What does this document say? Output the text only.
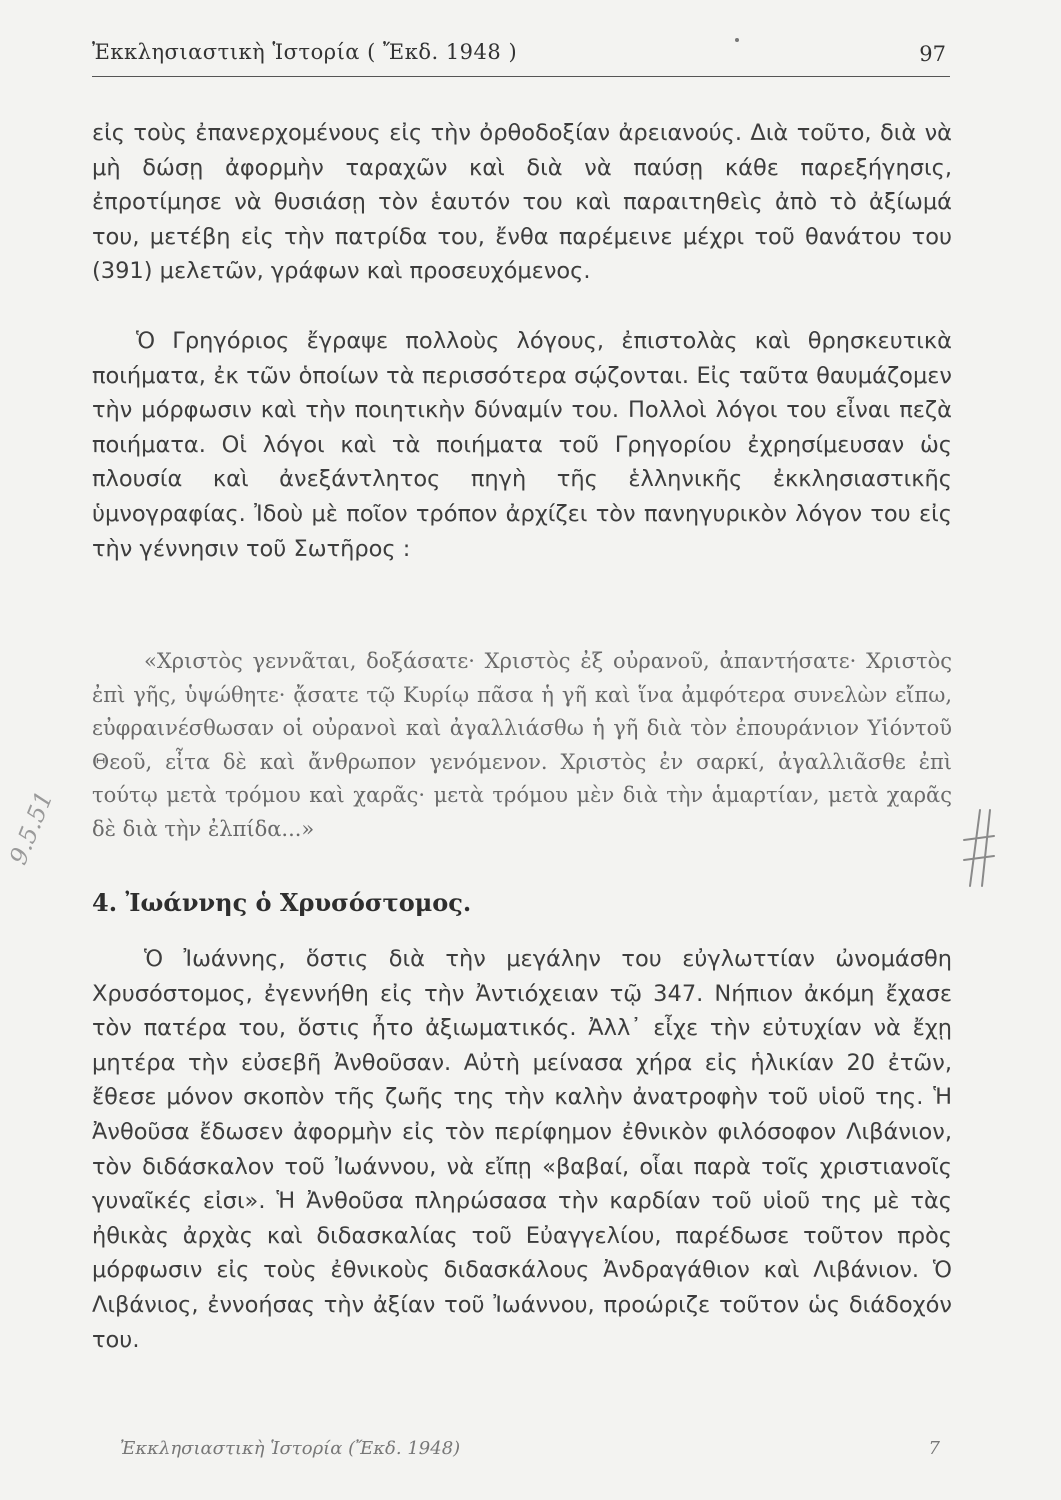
Ἐκκλησιαστικὴ Ἱστορία ( Ἔκδ. 1948 )	97

εἰς τοὺς ἐπανερχομένους εἰς τὴν ὀρθοδοξίαν ἀρειανούς. Διὰ τοῦτο, διὰ νὰ μὴ δώσῃ ἀφορμὴν ταραχῶν καὶ διὰ νὰ παύσῃ κάθε παρεξήγησις, ἐπροτίμησε νὰ θυσιάσῃ τὸν ἑαυτόν του καὶ παραιτηθεὶς ἀπὸ τὸ ἀξίωμά του, μετέβη εἰς τὴν πατρίδα του, ἔνθα παρέμεινε μέχρι τοῦ θανάτου του (391) μελετῶν, γράφων καὶ προσευχόμενος.

Ὁ Γρηγόριος ἔγραψε πολλοὺς λόγους, ἐπιστολὰς καὶ θρησκευτικὰ ποιήματα, ἐκ τῶν ὁποίων τὰ περισσότερα σῴζονται. Εἰς ταῦτα θαυμάζομεν τὴν μόρφωσιν καὶ τὴν ποιητικὴν δύναμίν του. Πολλοὶ λόγοι του εἶναι πεζὰ ποιήματα. Οἱ λόγοι καὶ τὰ ποιήματα τοῦ Γρηγορίου ἐχρησίμευσαν ὡς πλουσία καὶ ἀνεξάντλητος πηγὴ τῆς ἑλληνικῆς ἐκκλησιαστικῆς ὑμνογραφίας. Ἰδοὺ μὲ ποῖον τρόπον ἀρχίζει τὸν πανηγυρικὸν λόγον του εἰς τὴν γέννησιν τοῦ Σωτῆρος :

«Χριστὸς γεννᾶται, δοξάσατε· Χριστὸς ἐξ οὐρανοῦ, ἀπαντήσατε· Χριστὸς ἐπὶ γῆς, ὑψώθητε· ᾄσατε τῷ Κυρίῳ πᾶσα ἡ γῆ καὶ ἵνα ἀμφότερα συνελὼν εἴπω, εὐφραινέσθωσαν οἱ οὐρανοὶ καὶ ἀγαλλιάσθω ἡ γῆ διὰ τὸν ἐπουράνιον Υἱόντοῦ Θεοῦ, εἶτα δὲ καὶ ἄνθρωπον γενόμενον. Χριστὸς ἐν σαρκί, ἀγαλλιᾶσθε ἐπὶ τούτῳ μετὰ τρόμου καὶ χαρᾶς· μετὰ τρόμου μὲν διὰ τὴν ἁμαρτίαν, μετὰ χαρᾶς δὲ διὰ τὴν ἐλπίδα...»
4. Ἰωάννης ὁ Χρυσόστομος.

Ὁ Ἰωάννης, ὅστις διὰ τὴν μεγάλην του εὐγλωττίαν ὠνομάσθη Χρυσόστομος, ἐγεννήθη εἰς τὴν Ἀντιόχειαν τῷ 347. Νήπιον ἀκόμη ἔχασε τὸν πατέρα του, ὅστις ἦτο ἀξιωματικός. Ἀλλ᾽ εἶχε τὴν εὐτυχίαν νὰ ἔχῃ μητέρα τὴν εὐσεβῆ Ἀνθοῦσαν. Αὐτὴ μείνασα χήρα εἰς ἡλικίαν 20 ἐτῶν, ἔθεσε μόνον σκοπὸν τῆς ζωῆς της τὴν καλὴν ἀνατροφὴν τοῦ υἱοῦ της. Ἡ Ἀνθοῦσα ἔδωσεν ἀφορμὴν εἰς τὸν περίφημον ἐθνικὸν φιλόσοφον Λιβάνιον, τὸν διδάσκαλον τοῦ Ἰωάννου, νὰ εἴπῃ «βαβαί, οἷαι παρὰ τοῖς χριστιανοῖς γυναῖκές εἰσι». Ἡ Ἀνθοῦσα πληρώσασα τὴν καρδίαν τοῦ υἱοῦ της μὲ τὰς ἠθικὰς ἀρχὰς καὶ διδασκαλίας τοῦ Εὐαγγελίου, παρέδωσε τοῦτον πρὸς μόρφωσιν εἰς τοὺς ἐθνικοὺς διδασκάλους Ἀνδραγάθιον καὶ Λιβάνιον. Ὁ Λιβάνιος, ἐννοήσας τὴν ἀξίαν τοῦ Ἰωάννου, προώριζε τοῦτον ὡς διάδοχόν του.

Ἐκκλησιαστικὴ Ἱστορία (Ἔκδ. 1948)	7
9.5.51
